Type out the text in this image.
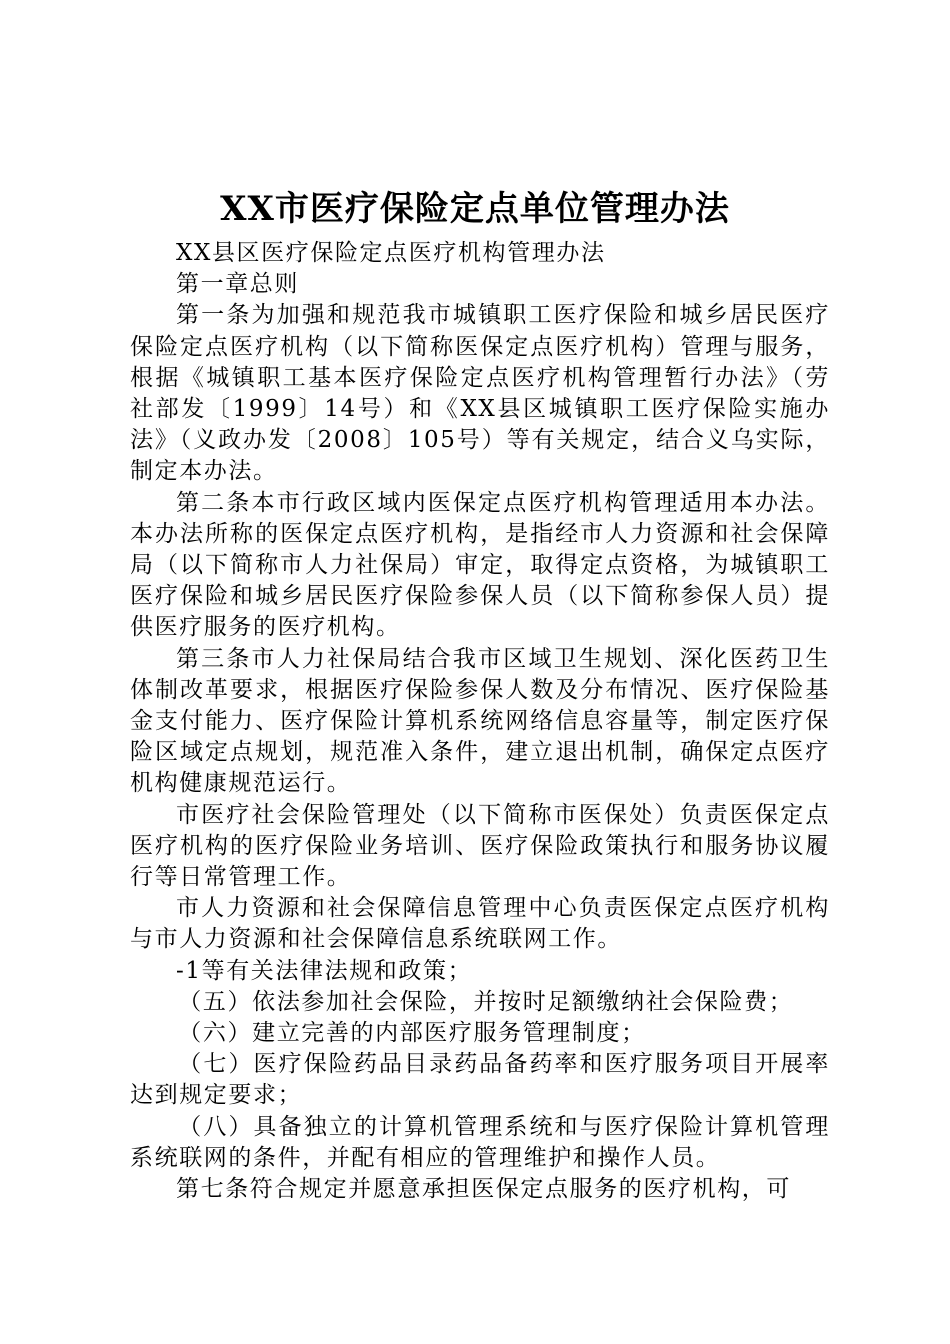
XX市医疗保险定点单位管理办法

XX县区医疗保险定点医疗机构管理办法

第一章总则

第一条为加强和规范我市城镇职工医疗保险和城乡居民医疗保险定点医疗机构（以下简称医保定点医疗机构）管理与服务，根据《城镇职工基本医疗保险定点医疗机构管理暂行办法》（劳社部发〔1999〕14号）和《XX县区城镇职工医疗保险实施办法》（义政办发〔2008〕105号）等有关规定，结合义乌实际，制定本办法。

第二条本市行政区域内医保定点医疗机构管理适用本办法。本办法所称的医保定点医疗机构，是指经市人力资源和社会保障局（以下简称市人力社保局）审定，取得定点资格，为城镇职工医疗保险和城乡居民医疗保险参保人员（以下简称参保人员）提供医疗服务的医疗机构。

第三条市人力社保局结合我市区域卫生规划、深化医药卫生体制改革要求，根据医疗保险参保人数及分布情况、医疗保险基金支付能力、医疗保险计算机系统网络信息容量等，制定医疗保险区域定点规划，规范准入条件，建立退出机制，确保定点医疗机构健康规范运行。

市医疗社会保险管理处（以下简称市医保处）负责医保定点医疗机构的医疗保险业务培训、医疗保险政策执行和服务协议履行等日常管理工作。

市人力资源和社会保障信息管理中心负责医保定点医疗机构与市人力资源和社会保障信息系统联网工作。

-1等有关法律法规和政策；

（五）依法参加社会保险，并按时足额缴纳社会保险费；

（六）建立完善的内部医疗服务管理制度；

（七）医疗保险药品目录药品备药率和医疗服务项目开展率达到规定要求；

（八）具备独立的计算机管理系统和与医疗保险计算机管理系统联网的条件，并配有相应的管理维护和操作人员。

第七条符合规定并愿意承担医保定点服务的医疗机构，可
